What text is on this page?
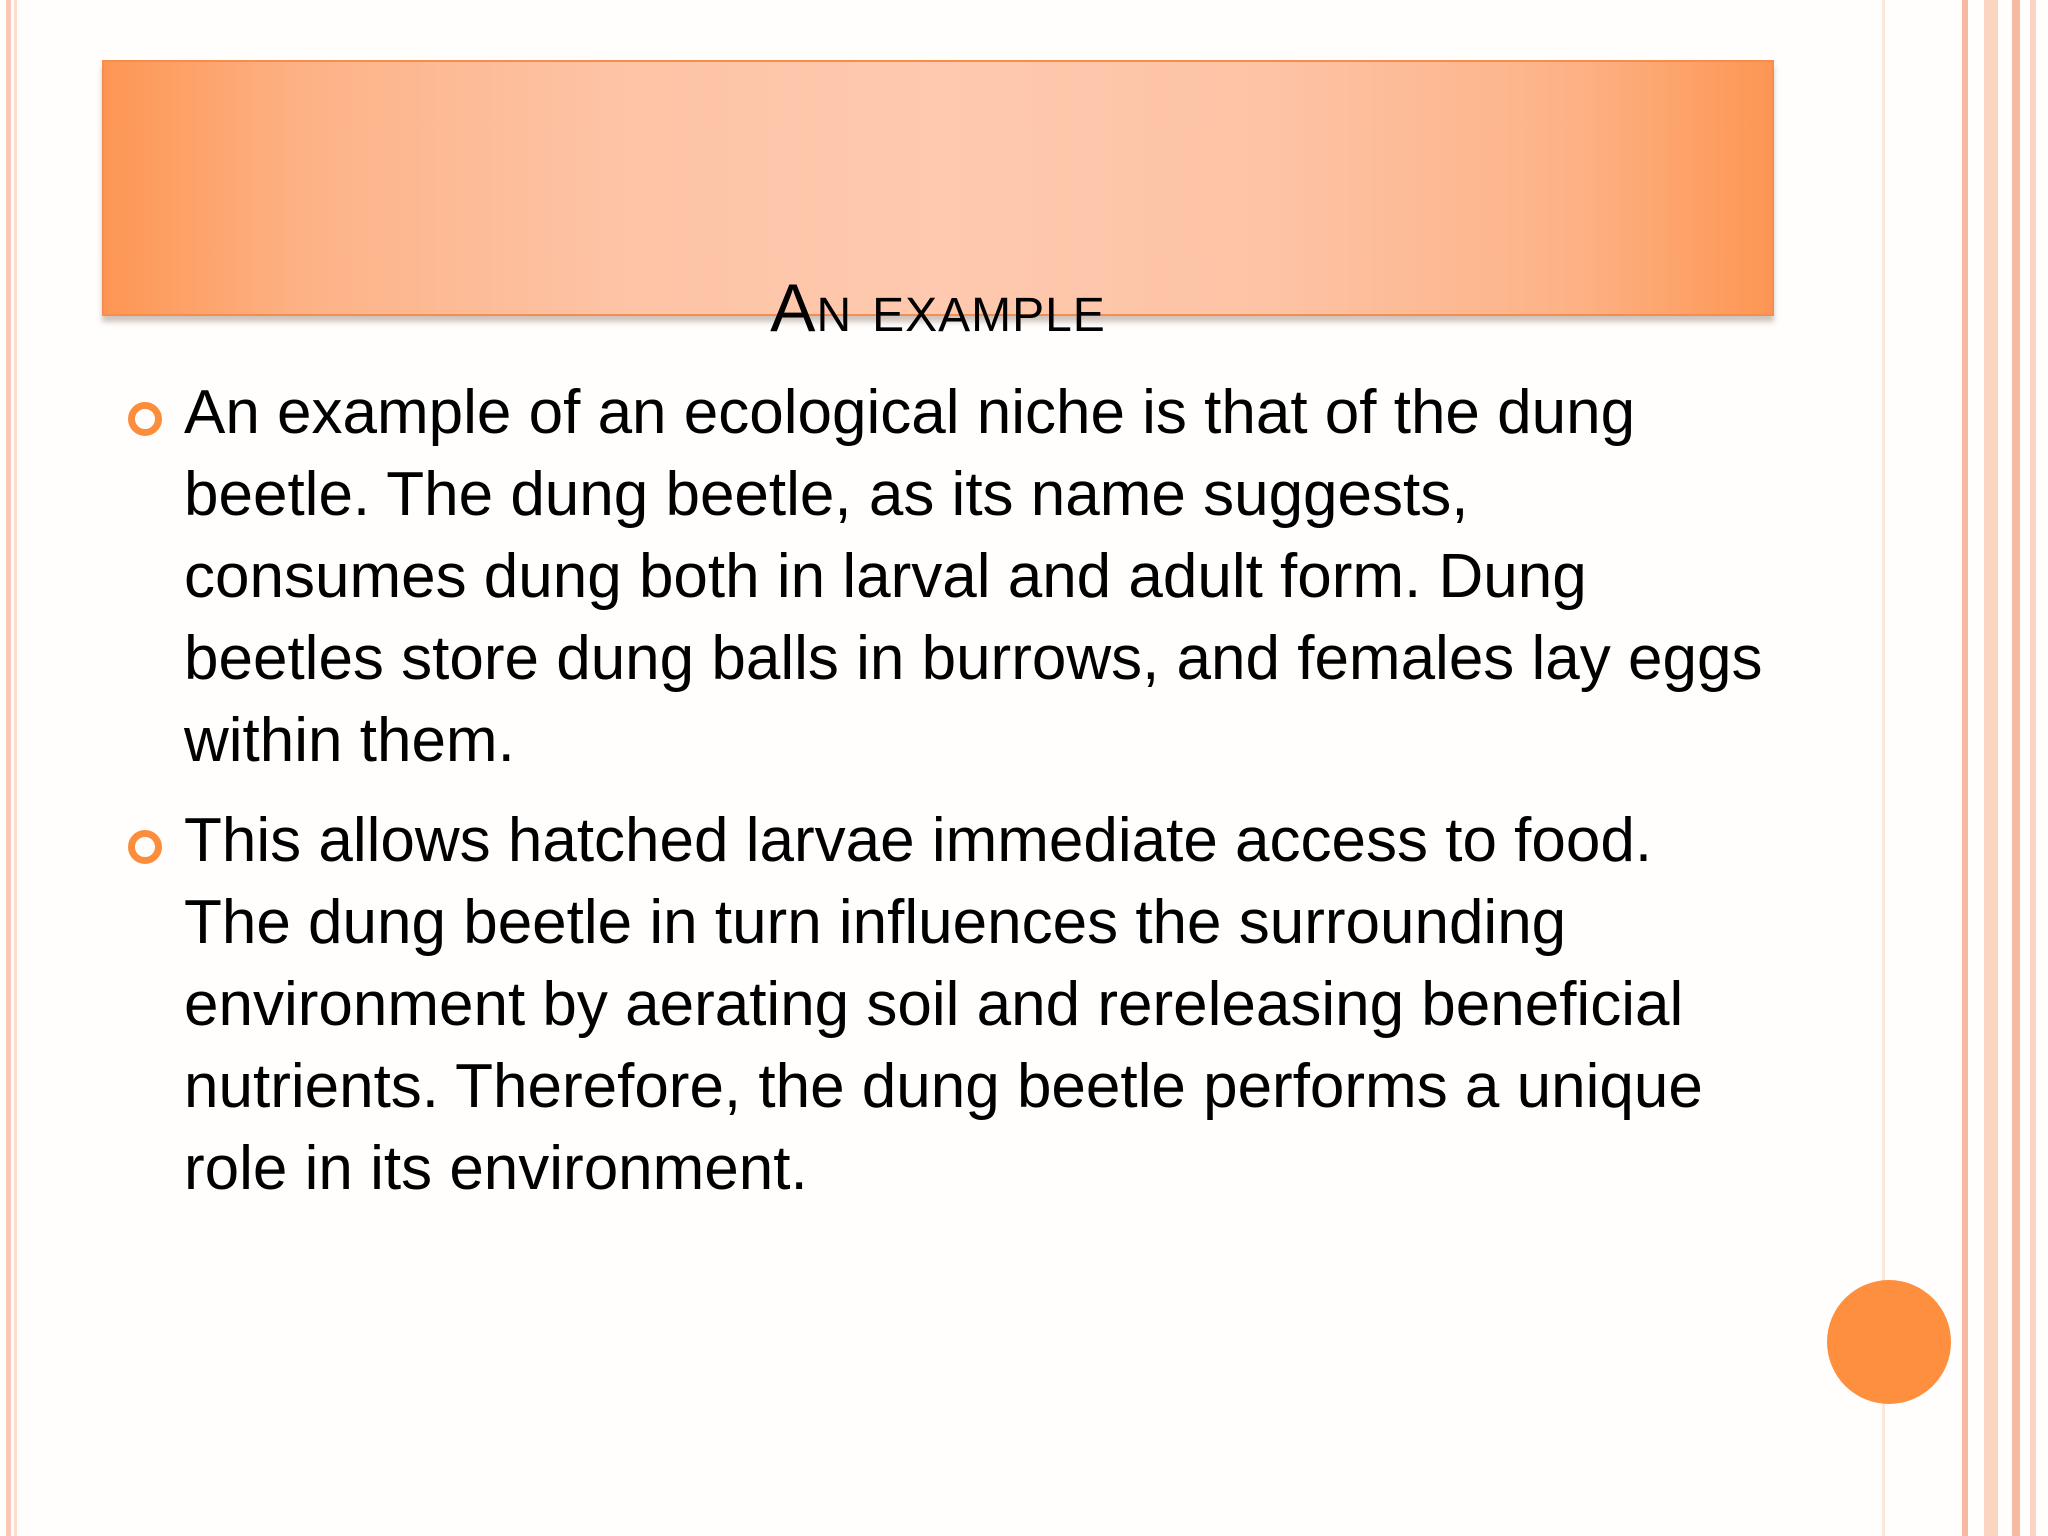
An example
An example of an ecological niche is that of the dung beetle. The dung beetle, as its name suggests, consumes dung both in larval and adult form. Dung beetles store dung balls in burrows, and females lay eggs within them.
This allows hatched larvae immediate access to food. The dung beetle in turn influences the surrounding environment by aerating soil and rereleasing beneficial nutrients. Therefore, the dung beetle performs a unique role in its environment.
